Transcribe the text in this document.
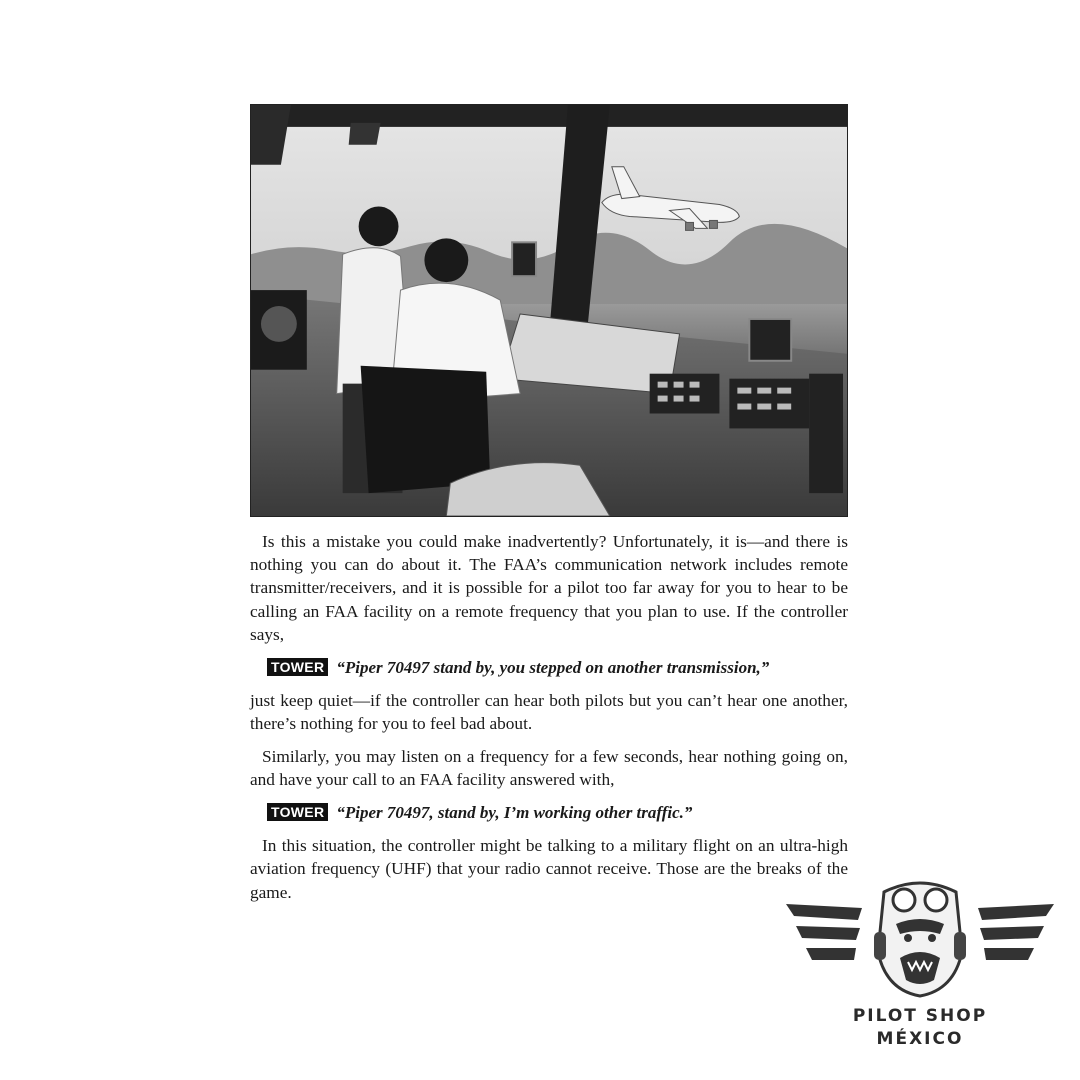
Is this a mistake you could make inadvertently? Unfortunately, it is—and there is nothing you can do about it. The FAA’s communication network includes remote transmitter/receivers, and it is possible for a pilot too far away for you to hear to be calling an FAA facility on a remote frequency that you plan to use. If the controller says,

TOWER “Piper 70497 stand by, you stepped on another transmission,”

just keep quiet—if the controller can hear both pilots but you can’t hear one another, there’s nothing for you to feel bad about.

Similarly, you may listen on a frequency for a few seconds, hear nothing going on, and have your call to an FAA facility answered with,

TOWER “Piper 70497, stand by, I’m working other traffic.”

In this situation, the controller might be talking to a military flight on an ultra-high aviation frequency (UHF) that your radio cannot receive. Those are the breaks of the game.

PILOT SHOP
MÉXICO
